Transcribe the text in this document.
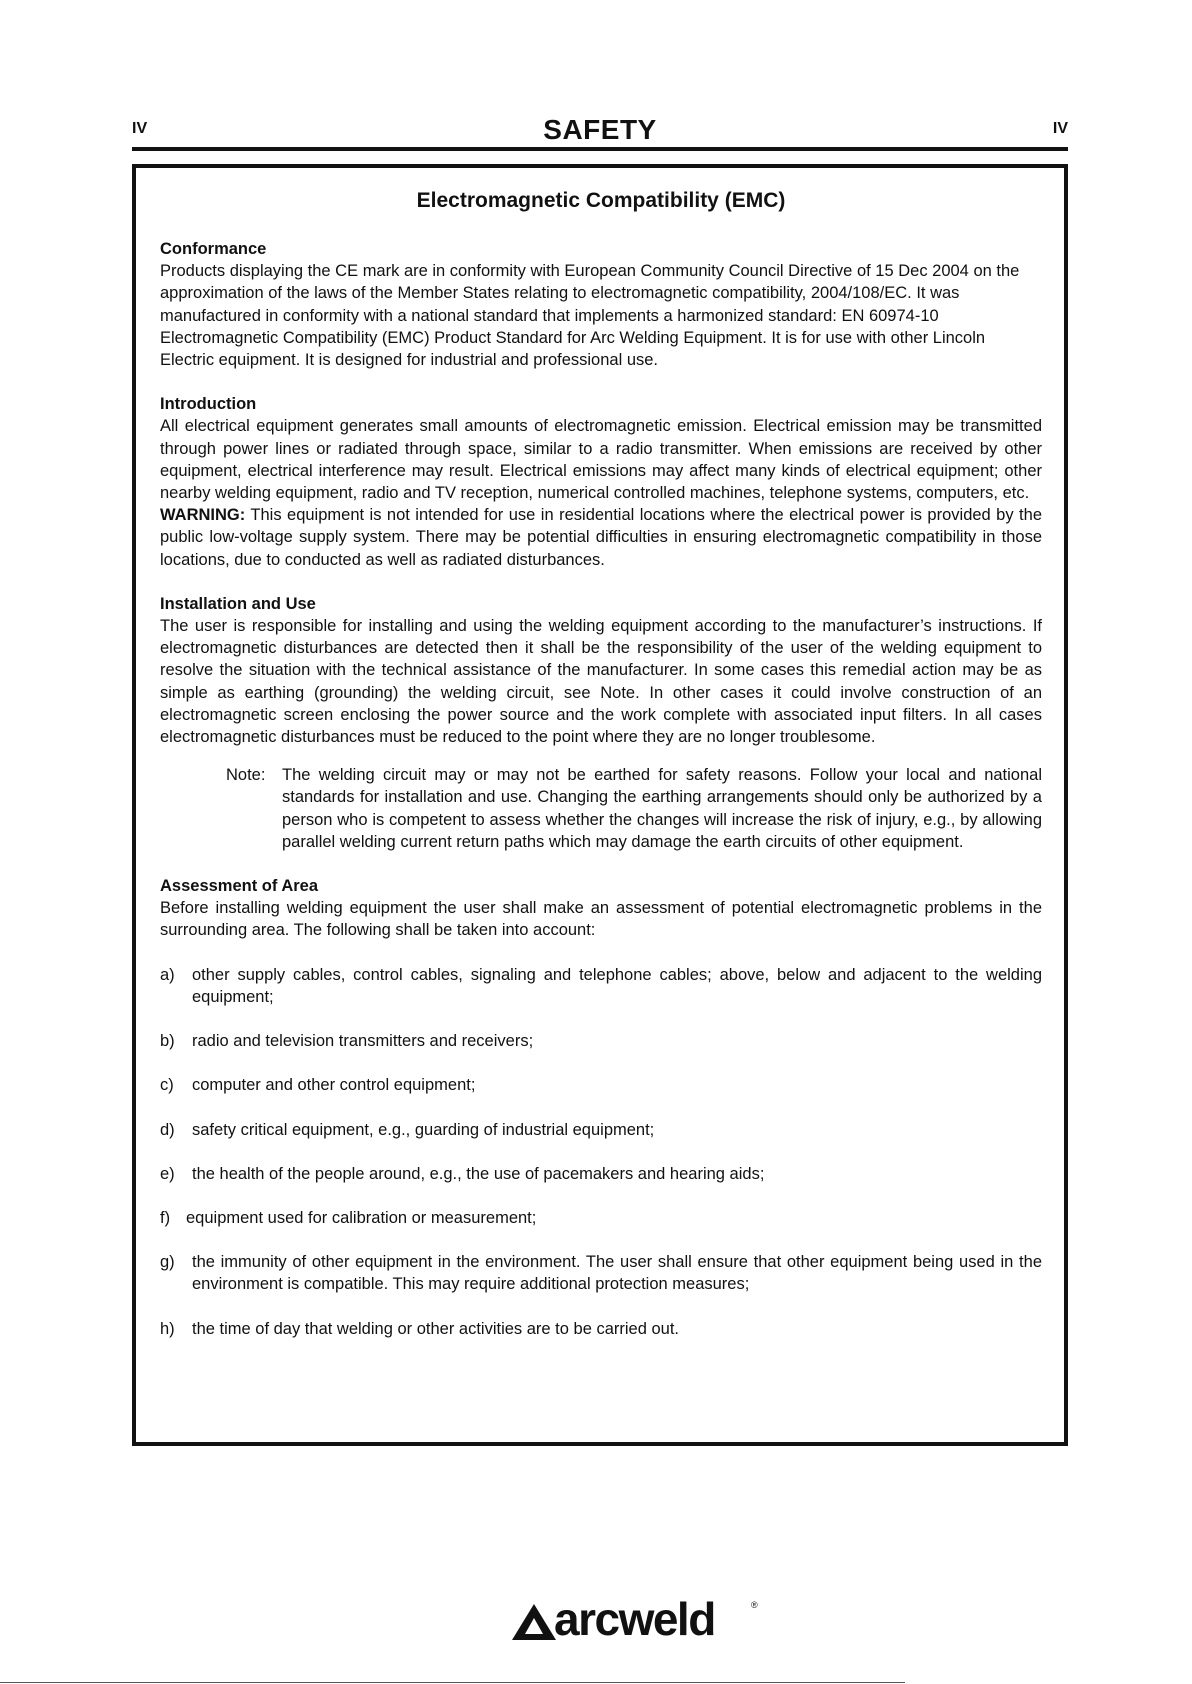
IV	SAFETY	IV
Electromagnetic Compatibility (EMC)
Conformance

Products displaying the CE mark are in conformity with European Community Council Directive of 15 Dec 2004 on the approximation of the laws of the Member States relating to electromagnetic compatibility, 2004/108/EC. It was manufactured in conformity with a national standard that implements a harmonized standard: EN 60974-10 Electromagnetic Compatibility (EMC) Product Standard for Arc Welding Equipment. It is for use with other Lincoln Electric equipment. It is designed for industrial and professional use.

Introduction

All electrical equipment generates small amounts of electromagnetic emission. Electrical emission may be transmitted through power lines or radiated through space, similar to a radio transmitter. When emissions are received by other equipment, electrical interference may result. Electrical emissions may affect many kinds of electrical equipment; other nearby welding equipment, radio and TV reception, numerical controlled machines, telephone systems, computers, etc.

WARNING: This equipment is not intended for use in residential locations where the electrical power is provided by the public low-voltage supply system. There may be potential difficulties in ensuring electromagnetic compatibility in those locations, due to conducted as well as radiated disturbances.

Installation and Use

The user is responsible for installing and using the welding equipment according to the manufacturer’s instructions. If electromagnetic disturbances are detected then it shall be the responsibility of the user of the welding equipment to resolve the situation with the technical assistance of the manufacturer. In some cases this remedial action may be as simple as earthing (grounding) the welding circuit, see Note. In other cases it could involve construction of an electromagnetic screen enclosing the power source and the work complete with associated input filters. In all cases electromagnetic disturbances must be reduced to the point where they are no longer troublesome.

Note:	The welding circuit may or may not be earthed for safety reasons. Follow your local and national standards for installation and use. Changing the earthing arrangements should only be authorized by a person who is competent to assess whether the changes will increase the risk of injury, e.g., by allowing parallel welding current return paths which may damage the earth circuits of other equipment.
Assessment of Area

Before installing welding equipment the user shall make an assessment of potential electromagnetic problems in the surrounding area. The following shall be taken into account:

a)	other supply cables, control cables, signaling and telephone cables; above, below and adjacent to the welding equipment;
b)	radio and television transmitters and receivers;
c)	computer and other control equipment;
d)	safety critical equipment, e.g., guarding of industrial equipment;
e)	the health of the people around, e.g., the use of pacemakers and hearing aids;
f) equipment used for calibration or measurement;
g)	the immunity of other equipment in the environment. The user shall ensure that other equipment being used in the environment is compatible. This may require additional protection measures;
h)	the time of day that welding or other activities are to be carried out.
arcweld	®
